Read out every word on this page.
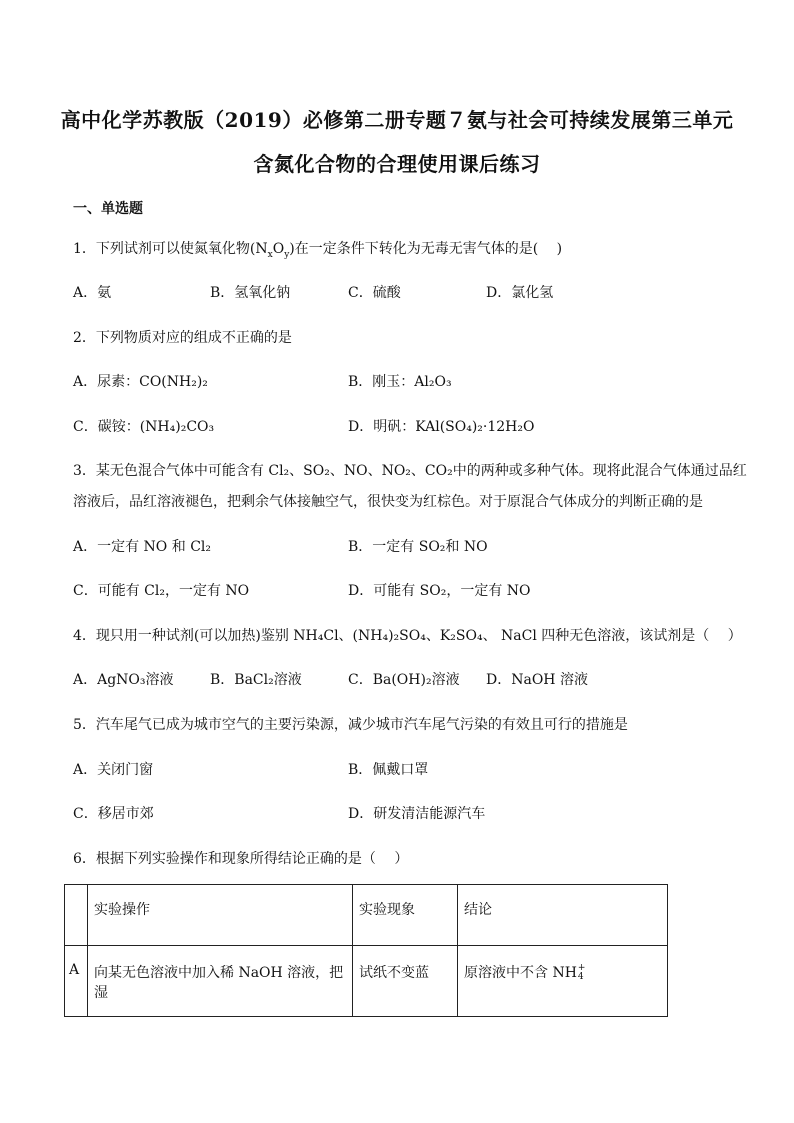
高中化学苏教版（2019）必修第二册专题７氨与社会可持续发展第三单元
含氮化合物的合理使用课后练习
一、单选题
1．下列试剂可以使氮氧化物$(N_xO_y)$在一定条件下转化为无毒无害气体的是(　 )
A．氨	B．氢氧化钠	C．硫酸	D．氯化氢
2．下列物质对应的组成不正确的是
A．尿素：CO(NH₂)₂	B．刚玉：Al₂O₃
C．碳铵：(NH₄)₂CO₃	D．明矾：KAl(SO₄)₂·12H₂O
3．某无色混合气体中可能含有 Cl₂、SO₂、NO、NO₂、CO₂中的两种或多种气体。现将此混合气体通过品红
溶液后，品红溶液褪色，把剩余气体接触空气，很快变为红棕色。对于原混合气体成分的判断正确的是
A．一定有 NO 和 Cl₂	B．一定有 SO₂和 NO
C．可能有 Cl₂，一定有 NO	D．可能有 SO₂，一定有 NO
4．现只用一种试剂(可以加热)鉴别 NH₄Cl、(NH₄)₂SO₄、K₂SO₄、 NaCl 四种无色溶液，该试剂是（　 ）
A．AgNO₃溶液	B．BaCl₂溶液	C．Ba(OH)₂溶液 D．NaOH 溶液
5．汽车尾气已成为城市空气的主要污染源，减少城市汽车尾气污染的有效且可行的措施是
A．关闭门窗	B．佩戴口罩
C．移居市郊	D．研发清洁能源汽车
6．根据下列实验操作和现象所得结论正确的是（　 ）
	实验操作	实验现象	结论
A	向某无色溶液中加入稀 NaOH 溶液，把湿	试纸不变蓝	原溶液中不含 NH +
4
